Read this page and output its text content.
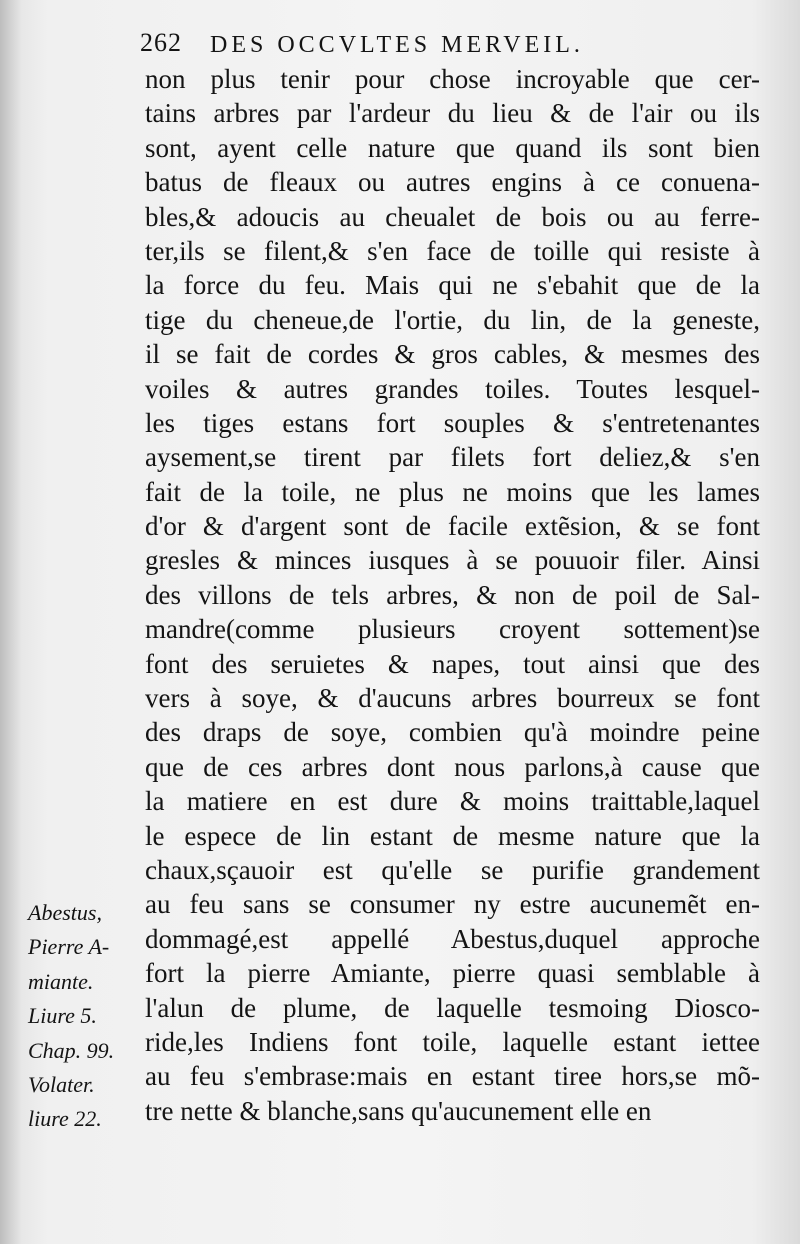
262 DES OCCVLTES MERVEIL.
non plus tenir pour chose incroyable que cer-
tains arbres par l'ardeur du lieu & de l'air ou ils
sont, ayent celle nature que quand ils sont bien
batus de fleaux ou autres engins à ce conuena-
bles,& adoucis au cheualet de bois ou au ferre-
ter,ils se filent,& s'en face de toille qui resiste à
la force du feu. Mais qui ne s'ebahit que de la
tige du cheneue,de l'ortie, du lin, de la geneste,
il se fait de cordes & gros cables, & mesmes des
voiles & autres grandes toiles. Toutes lesquel-
les tiges estans fort souples & s'entretenantes
aysement,se tirent par filets fort deliez,& s'en
fait de la toile, ne plus ne moins que les lames
d'or & d'argent sont de facile extẽsion, & se font
gresles & minces iusques à se pouuoir filer. Ainsi
des villons de tels arbres, & non de poil de Sal-
mandre(comme plusieurs croyent sottement)se
font des seruietes & napes, tout ainsi que des
vers à soye, & d'aucuns arbres bourreux se font
des draps de soye, combien qu'à moindre peine
que de ces arbres dont nous parlons,à cause que
la matiere en est dure & moins traittable,laquel
le espece de lin estant de mesme nature que la
chaux,sçauoir est qu'elle se purifie grandement
au feu sans se consumer ny estre aucunemẽt en-
dommagé,est appellé Abestus,duquel approche
fort la pierre Amiante, pierre quasi semblable à
l'alun de plume, de laquelle tesmoing Diosco-
ride,les Indiens font toile, laquelle estant iettee
au feu s'embrase:mais en estant tiree hors,se mõ-
tre nette & blanche,sans qu'aucunement elle en
Abestus,
Pierre A-
miante.
Liure 5.
Chap. 99.
Volater.
liure 22.
